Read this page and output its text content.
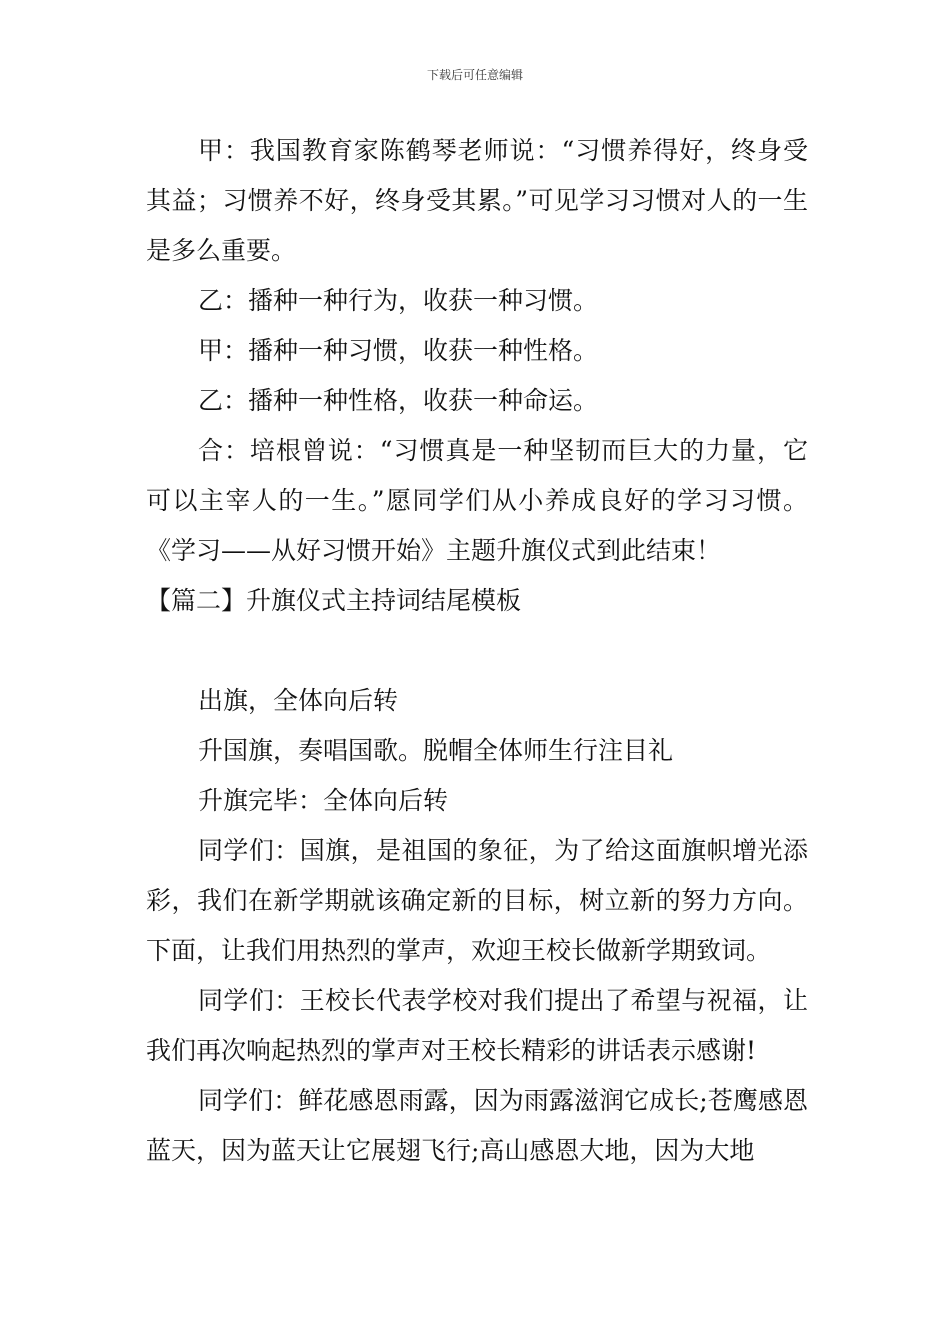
下载后可任意编辑

甲：我国教育家陈鹤琴老师说：“习惯养得好，终身受其益；习惯养不好，终身受其累。”可见学习习惯对人的一生是多么重要。

乙：播种一种行为，收获一种习惯。

甲：播种一种习惯，收获一种性格。

乙：播种一种性格，收获一种命运。

合：培根曾说：“习惯真是一种坚韧而巨大的力量，它可以主宰人的一生。”愿同学们从小养成良好的学习习惯。《学习——从好习惯开始》主题升旗仪式到此结束！

【篇二】升旗仪式主持词结尾模板

出旗，全体向后转

升国旗，奏唱国歌。脱帽全体师生行注目礼

升旗完毕：全体向后转

同学们：国旗，是祖国的象征，为了给这面旗帜增光添彩，我们在新学期就该确定新的目标，树立新的努力方向。下面，让我们用热烈的掌声，欢迎王校长做新学期致词。

同学们：王校长代表学校对我们提出了希望与祝福，让我们再次响起热烈的掌声对王校长精彩的讲话表示感谢!

同学们：鲜花感恩雨露，因为雨露滋润它成长;苍鹰感恩蓝天，因为蓝天让它展翅飞行;高山感恩大地，因为大地
